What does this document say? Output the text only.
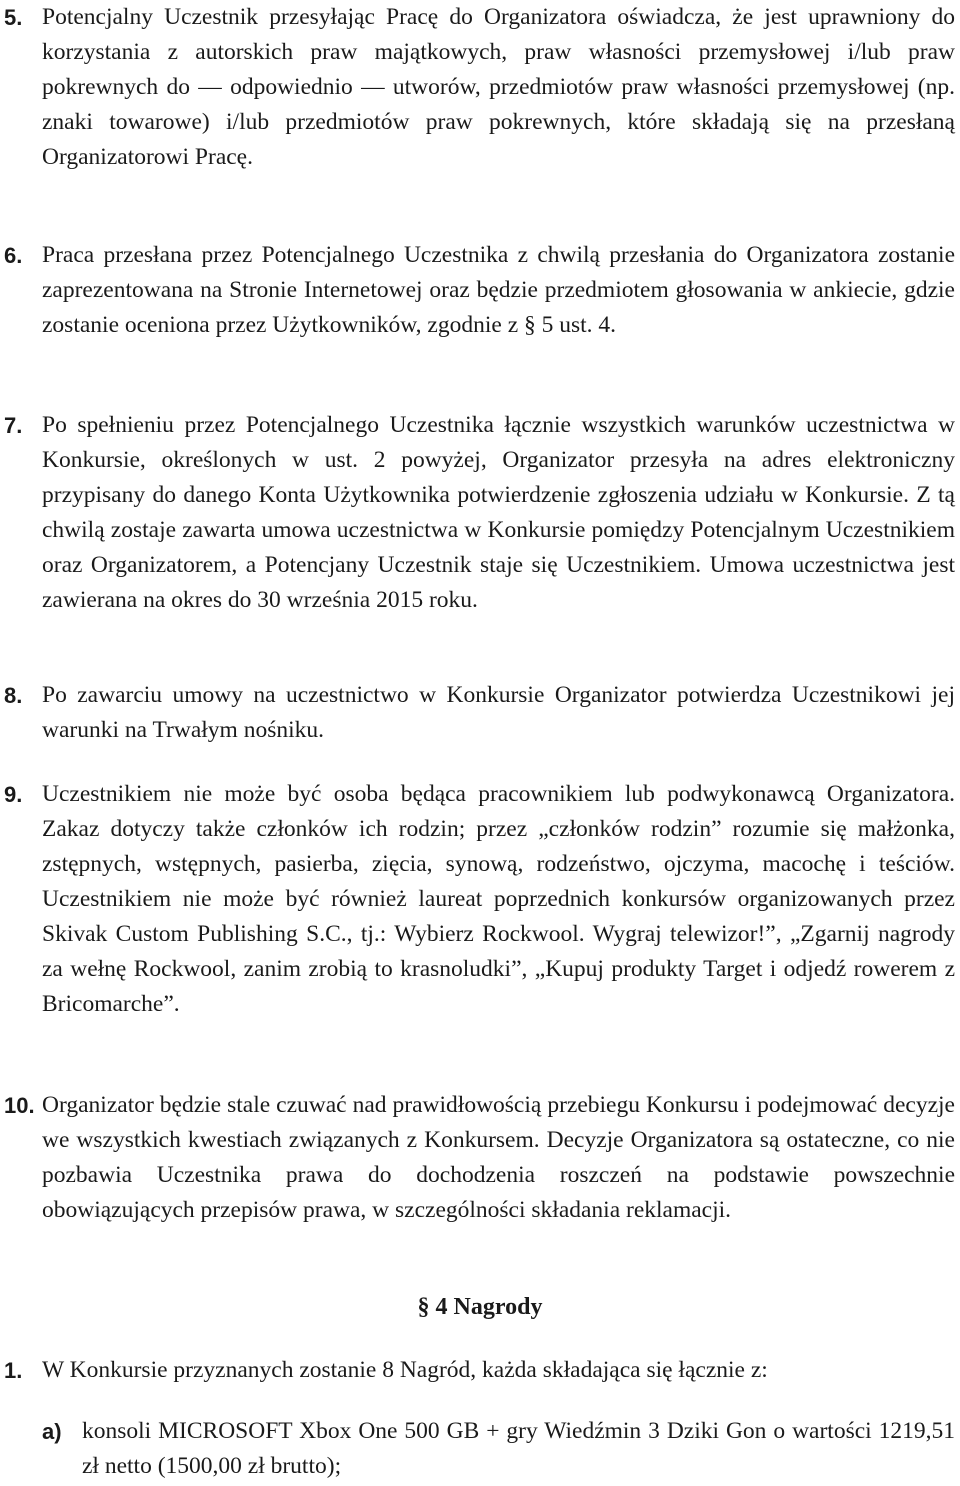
5. Potencjalny Uczestnik przesyłając Pracę do Organizatora oświadcza, że jest uprawniony do korzystania z autorskich praw majątkowych, praw własności przemysłowej i/lub praw pokrewnych do — odpowiednio — utworów, przedmiotów praw własności przemysłowej (np. znaki towarowe) i/lub przedmiotów praw pokrewnych, które składają się na przesłaną Organizatorowi Pracę.

6. Praca przesłana przez Potencjalnego Uczestnika z chwilą przesłania do Organizatora zostanie zaprezentowana na Stronie Internetowej oraz będzie przedmiotem głosowania w ankiecie, gdzie zostanie oceniona przez Użytkowników, zgodnie z § 5 ust. 4.

7. Po spełnieniu przez Potencjalnego Uczestnika łącznie wszystkich warunków uczestnictwa w Konkursie, określonych w ust. 2 powyżej, Organizator przesyła na adres elektroniczny przypisany do danego Konta Użytkownika potwierdzenie zgłoszenia udziału w Konkursie. Z tą chwilą zostaje zawarta umowa uczestnictwa w Konkursie pomiędzy Potencjalnym Uczestnikiem oraz Organizatorem, a Potencjany Uczestnik staje się Uczestnikiem. Umowa uczestnictwa jest zawierana na okres do 30 września 2015 roku.

8. Po zawarciu umowy na uczestnictwo w Konkursie Organizator potwierdza Uczestnikowi jej warunki na Trwałym nośniku.

9. Uczestnikiem nie może być osoba będąca pracownikiem lub podwykonawcą Organizatora. Zakaz dotyczy także członków ich rodzin; przez „członków rodzin” rozumie się małżonka, zstępnych, wstępnych, pasierba, zięcia, synową, rodzeństwo, ojczyma, macochę i teściów. Uczestnikiem nie może być również laureat poprzednich konkursów organizowanych przez Skivak Custom Publishing S.C., tj.: Wybierz Rockwool. Wygraj telewizor!”, „Zgarnij nagrody za wełnę Rockwool, zanim zrobią to krasnoludki”, „Kupuj produkty Target i odjedź rowerem z Bricomarche”.

10. Organizator będzie stale czuwać nad prawidłowością przebiegu Konkursu i podejmować decyzje we wszystkich kwestiach związanych z Konkursem. Decyzje Organizatora są ostateczne, co nie pozbawia Uczestnika prawa do dochodzenia roszczeń na podstawie powszechnie obowiązujących przepisów prawa, w szczególności składania reklamacji.

§ 4 Nagrody
1. W Konkursie przyznanych zostanie 8 Nagród, każda składająca się łącznie z:

a) konsoli MICROSOFT Xbox One 500 GB + gry Wiedźmin 3 Dziki Gon o wartości 1219,51 zł netto (1500,00 zł brutto);
